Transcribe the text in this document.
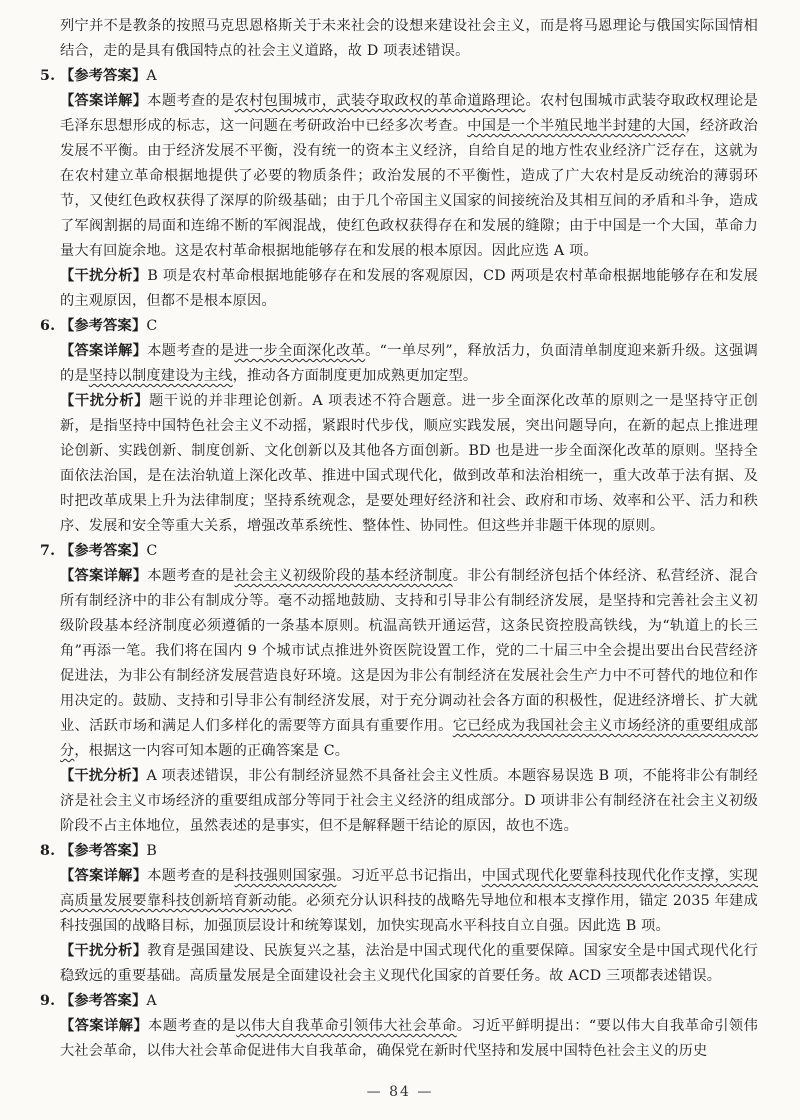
列宁并不是教条的按照马克思恩格斯关于未来社会的设想来建设社会主义，而是将马恩理论与俄国实际国情相结合，走的是具有俄国特点的社会主义道路，故 D 项表述错误。

5. 【参考答案】A

【答案详解】本题考查的是农村包围城市，武装夺取政权的革命道路理论。农村包围城市武装夺取政权理论是毛泽东思想形成的标志，这一问题在考研政治中已经多次考查。中国是一个半殖民地半封建的大国，经济政治发展不平衡。由于经济发展不平衡，没有统一的资本主义经济，自给自足的地方性农业经济广泛存在，这就为在农村建立革命根据地提供了必要的物质条件；政治发展的不平衡性，造成了广大农村是反动统治的薄弱环节，又使红色政权获得了深厚的阶级基础；由于几个帝国主义国家的间接统治及其相互间的矛盾和斗争，造成了军阀割据的局面和连绵不断的军阀混战，使红色政权获得存在和发展的缝隙；由于中国是一个大国，革命力量大有回旋余地。这是农村革命根据地能够存在和发展的根本原因。因此应选 A 项。

【干扰分析】B 项是农村革命根据地能够存在和发展的客观原因，CD 两项是农村革命根据地能够存在和发展的主观原因，但都不是根本原因。

6. 【参考答案】C

【答案详解】本题考查的是进一步全面深化改革。“一单尽列”，释放活力，负面清单制度迎来新升级。这强调的是坚持以制度建设为主线，推动各方面制度更加成熟更加定型。

【干扰分析】题干说的并非理论创新。A 项表述不符合题意。进一步全面深化改革的原则之一是坚持守正创新，是指坚持中国特色社会主义不动摇，紧跟时代步伐，顺应实践发展，突出问题导向，在新的起点上推进理论创新、实践创新、制度创新、文化创新以及其他各方面创新。BD 也是进一步全面深化改革的原则。坚持全面依法治国，是在法治轨道上深化改革、推进中国式现代化，做到改革和法治相统一，重大改革于法有据、及时把改革成果上升为法律制度；坚持系统观念，是要处理好经济和社会、政府和市场、效率和公平、活力和秩序、发展和安全等重大关系，增强改革系统性、整体性、协同性。但这些并非题干体现的原则。

7. 【参考答案】C

【答案详解】本题考查的是社会主义初级阶段的基本经济制度。非公有制经济包括个体经济、私营经济、混合所有制经济中的非公有制成分等。毫不动摇地鼓励、支持和引导非公有制经济发展，是坚持和完善社会主义初级阶段基本经济制度必须遵循的一条基本原则。杭温高铁开通运营，这条民资控股高铁线，为“轨道上的长三角”再添一笔。我们将在国内 9 个城市试点推进外资医院设置工作，党的二十届三中全会提出要出台民营经济促进法，为非公有制经济发展营造良好环境。这是因为非公有制经济在发展社会生产力中不可替代的地位和作用决定的。鼓励、支持和引导非公有制经济发展，对于充分调动社会各方面的积极性，促进经济增长、扩大就业、活跃市场和满足人们多样化的需要等方面具有重要作用。它已经成为我国社会主义市场经济的重要组成部分，根据这一内容可知本题的正确答案是 C。

【干扰分析】A 项表述错误，非公有制经济显然不具备社会主义性质。本题容易误选 B 项，不能将非公有制经济是社会主义市场经济的重要组成部分等同于社会主义经济的组成部分。D 项讲非公有制经济在社会主义初级阶段不占主体地位，虽然表述的是事实，但不是解释题干结论的原因，故也不选。

8. 【参考答案】B

【答案详解】本题考查的是科技强则国家强。习近平总书记指出，中国式现代化要靠科技现代化作支撑，实现高质量发展要靠科技创新培育新动能。必须充分认识科技的战略先导地位和根本支撑作用，锚定 2035 年建成科技强国的战略目标，加强顶层设计和统筹谋划，加快实现高水平科技自立自强。因此选 B 项。

【干扰分析】教育是强国建设、民族复兴之基，法治是中国式现代化的重要保障。国家安全是中国式现代化行稳致远的重要基础。高质量发展是全面建设社会主义现代化国家的首要任务。故 ACD 三项都表述错误。

9. 【参考答案】A

【答案详解】本题考查的是以伟大自我革命引领伟大社会革命。习近平鲜明提出：“要以伟大自我革命引领伟大社会革命，以伟大社会革命促进伟大自我革命，确保党在新时代坚持和发展中国特色社会主义的历史

— 84 —
